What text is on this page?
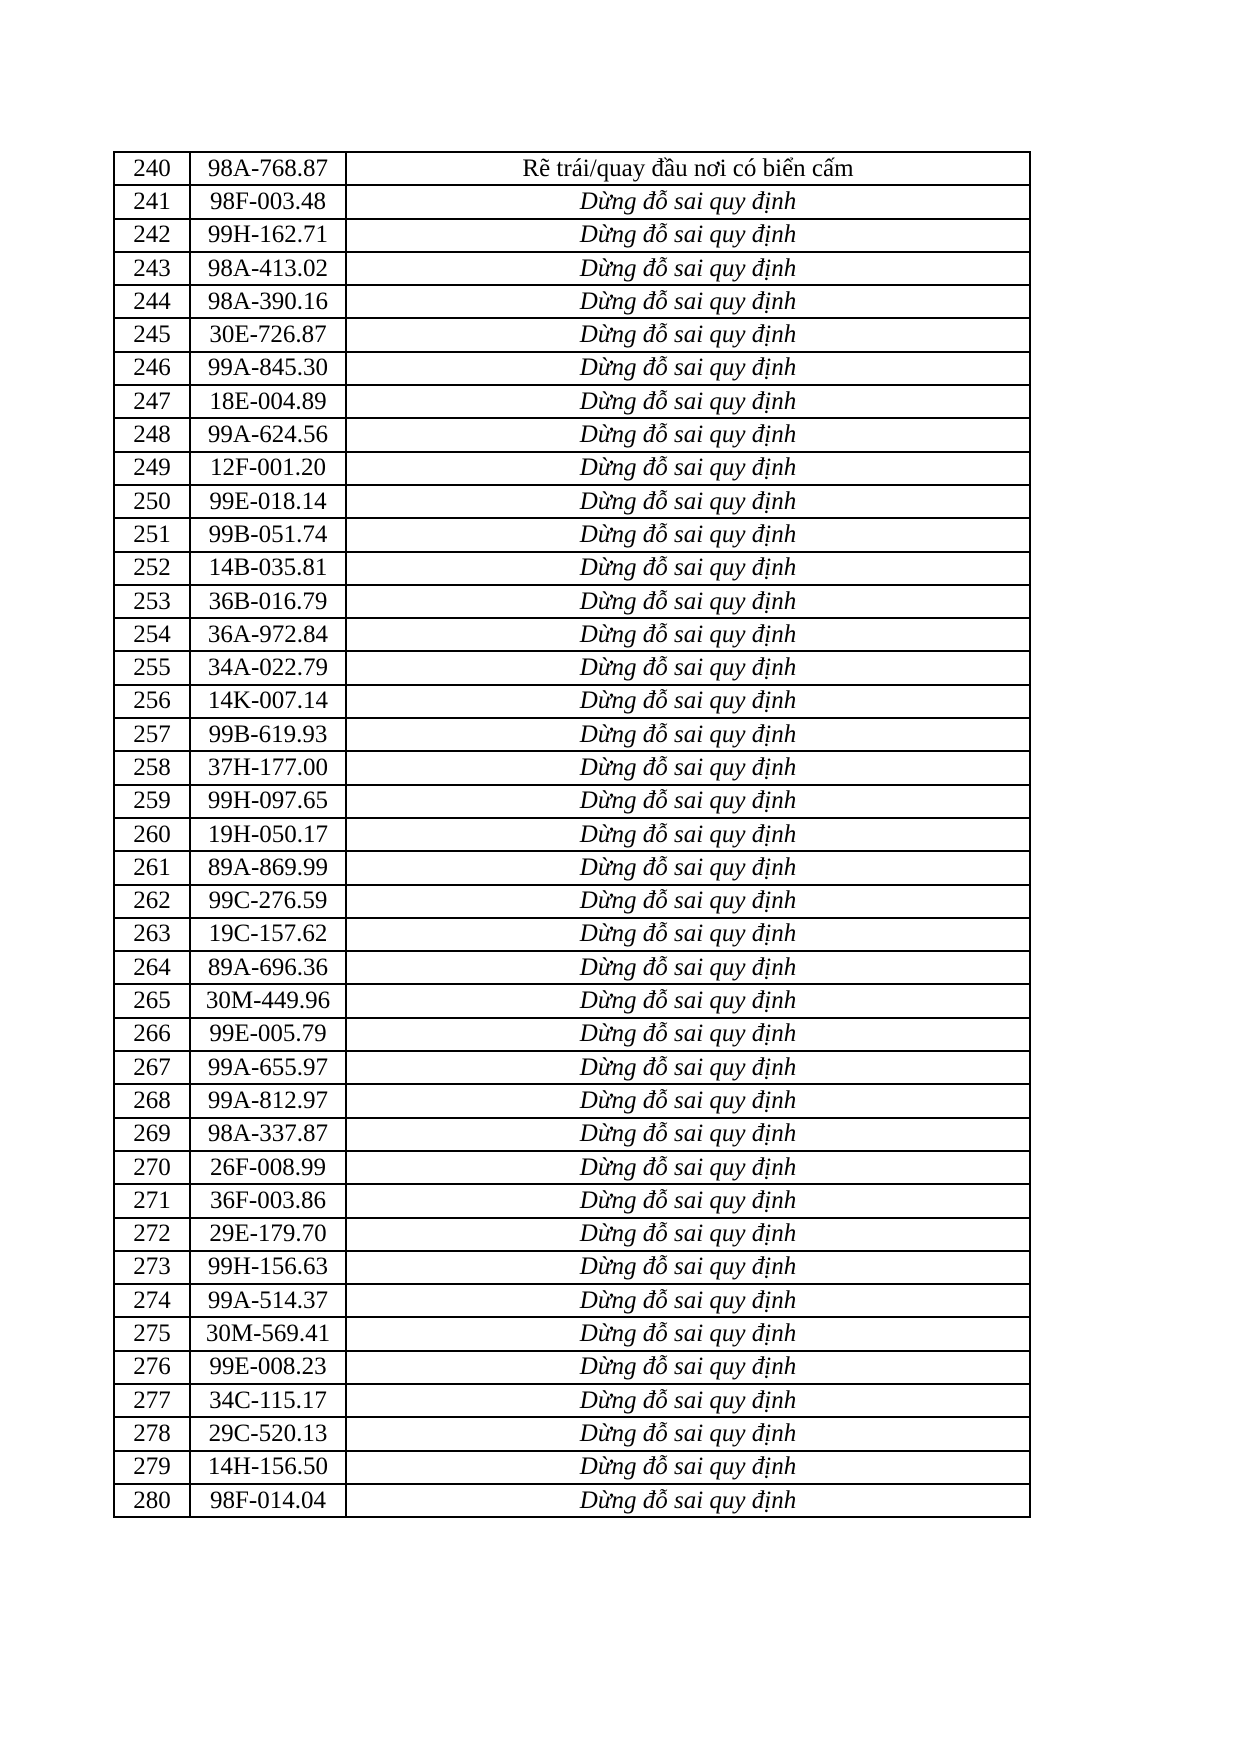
240	98A-768.87	Rẽ trái/quay đầu nơi có biển cấm
241	98F-003.48	Dừng đỗ sai quy định
242	99H-162.71	Dừng đỗ sai quy định
243	98A-413.02	Dừng đỗ sai quy định
244	98A-390.16	Dừng đỗ sai quy định
245	30E-726.87	Dừng đỗ sai quy định
246	99A-845.30	Dừng đỗ sai quy định
247	18E-004.89	Dừng đỗ sai quy định
248	99A-624.56	Dừng đỗ sai quy định
249	12F-001.20	Dừng đỗ sai quy định
250	99E-018.14	Dừng đỗ sai quy định
251	99B-051.74	Dừng đỗ sai quy định
252	14B-035.81	Dừng đỗ sai quy định
253	36B-016.79	Dừng đỗ sai quy định
254	36A-972.84	Dừng đỗ sai quy định
255	34A-022.79	Dừng đỗ sai quy định
256	14K-007.14	Dừng đỗ sai quy định
257	99B-619.93	Dừng đỗ sai quy định
258	37H-177.00	Dừng đỗ sai quy định
259	99H-097.65	Dừng đỗ sai quy định
260	19H-050.17	Dừng đỗ sai quy định
261	89A-869.99	Dừng đỗ sai quy định
262	99C-276.59	Dừng đỗ sai quy định
263	19C-157.62	Dừng đỗ sai quy định
264	89A-696.36	Dừng đỗ sai quy định
265	30M-449.96	Dừng đỗ sai quy định
266	99E-005.79	Dừng đỗ sai quy định
267	99A-655.97	Dừng đỗ sai quy định
268	99A-812.97	Dừng đỗ sai quy định
269	98A-337.87	Dừng đỗ sai quy định
270	26F-008.99	Dừng đỗ sai quy định
271	36F-003.86	Dừng đỗ sai quy định
272	29E-179.70	Dừng đỗ sai quy định
273	99H-156.63	Dừng đỗ sai quy định
274	99A-514.37	Dừng đỗ sai quy định
275	30M-569.41	Dừng đỗ sai quy định
276	99E-008.23	Dừng đỗ sai quy định
277	34C-115.17	Dừng đỗ sai quy định
278	29C-520.13	Dừng đỗ sai quy định
279	14H-156.50	Dừng đỗ sai quy định
280	98F-014.04	Dừng đỗ sai quy định
